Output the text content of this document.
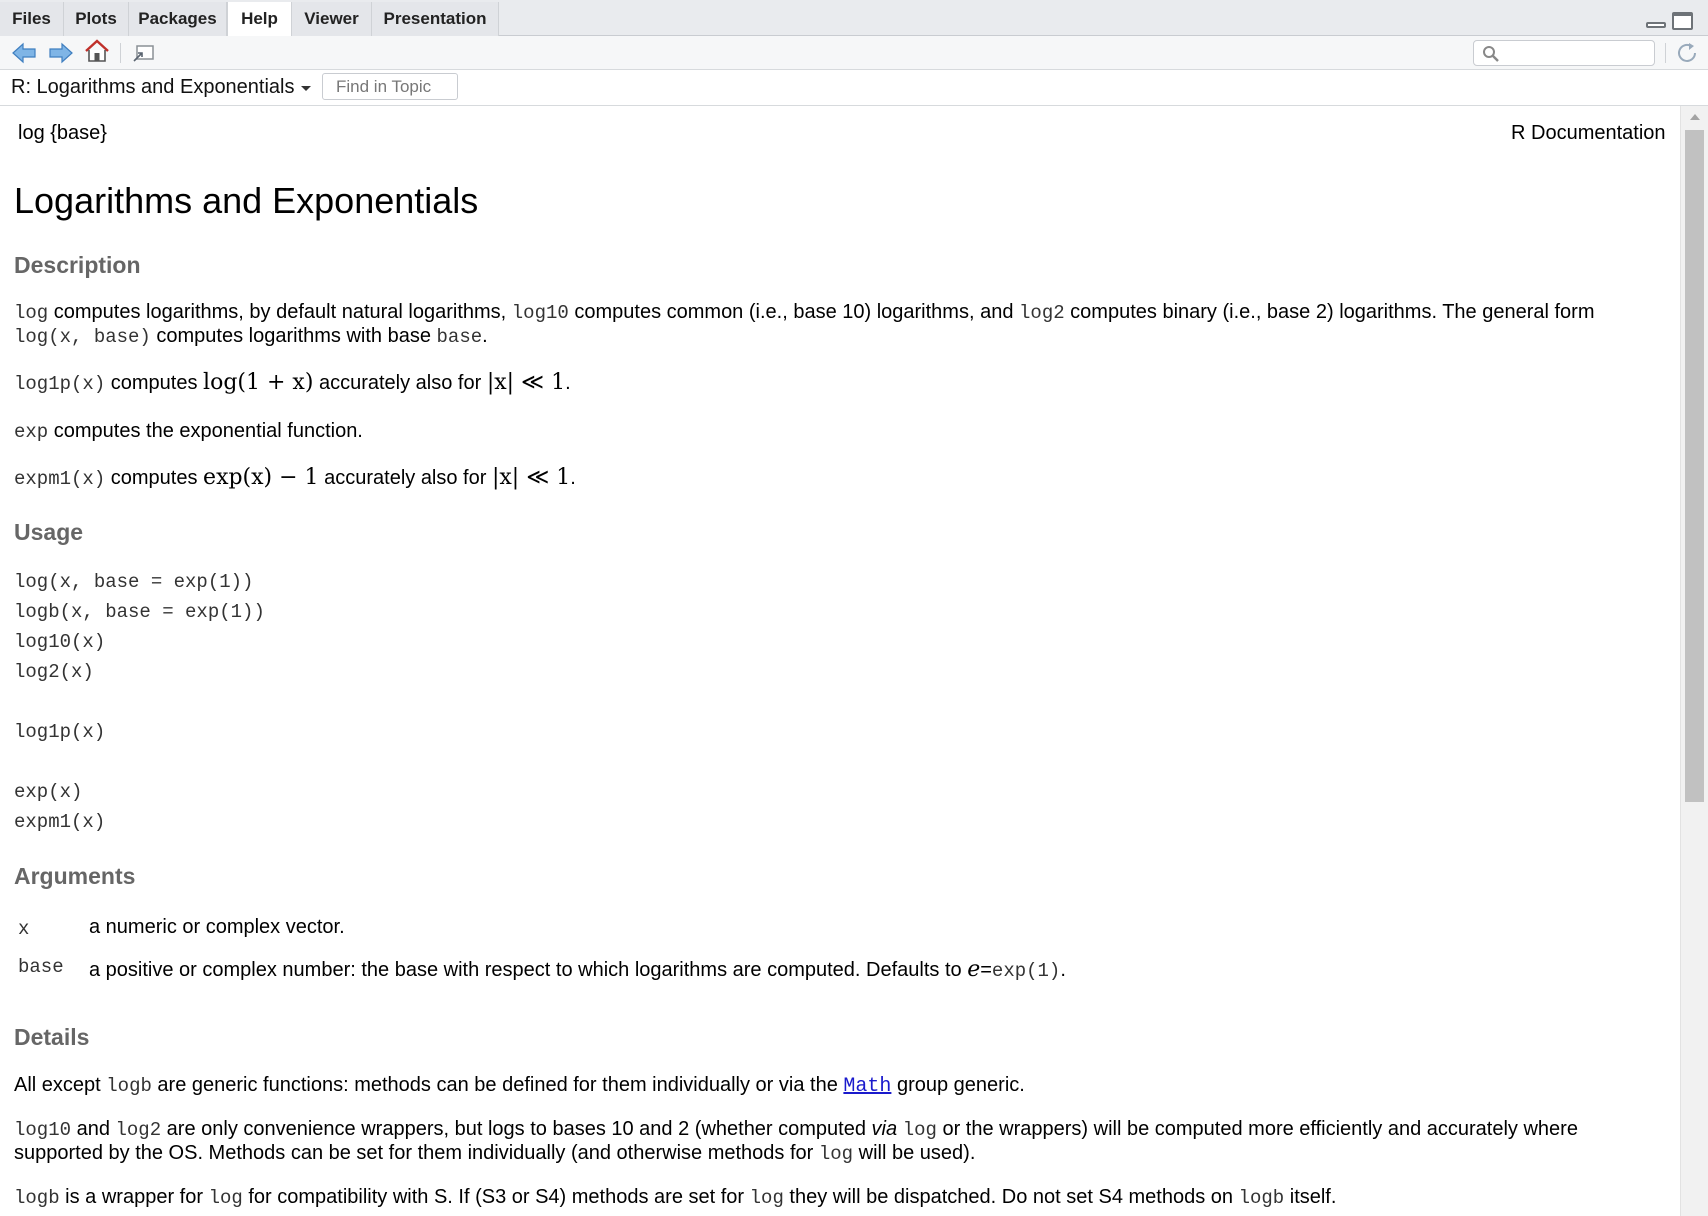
Files	Plots	Packages	Help	Viewer	Presentation
R: Logarithms and Exponentials
Find in Topic
log {base}	R Documentation
Logarithms and Exponentials
Description
log computes logarithms, by default natural logarithms, log10 computes common (i.e., base 10) logarithms, and log2 computes binary (i.e., base 2) logarithms. The general form
log(x, base) computes logarithms with base base.
log1p(x) computes log(1 + x) accurately also for |x| ≪ 1.
exp computes the exponential function.
expm1(x) computes exp(x) − 1 accurately also for |x| ≪ 1.
Usage
log(x, base = exp(1))
logb(x, base = exp(1))
log10(x)
log2(x)
log1p(x)
exp(x)
expm1(x)
Arguments
x	a numeric or complex vector.
base a positive or complex number: the base with respect to which logarithms are computed. Defaults to e=exp(1).
Details
All except logb are generic functions: methods can be defined for them individually or via the Math group generic.
log10 and log2 are only convenience wrappers, but logs to bases 10 and 2 (whether computed via log or the wrappers) will be computed more efficiently and accurately where
supported by the OS. Methods can be set for them individually (and otherwise methods for log will be used).
logb is a wrapper for log for compatibility with S. If (S3 or S4) methods are set for log they will be dispatched. Do not set S4 methods on logb itself.
